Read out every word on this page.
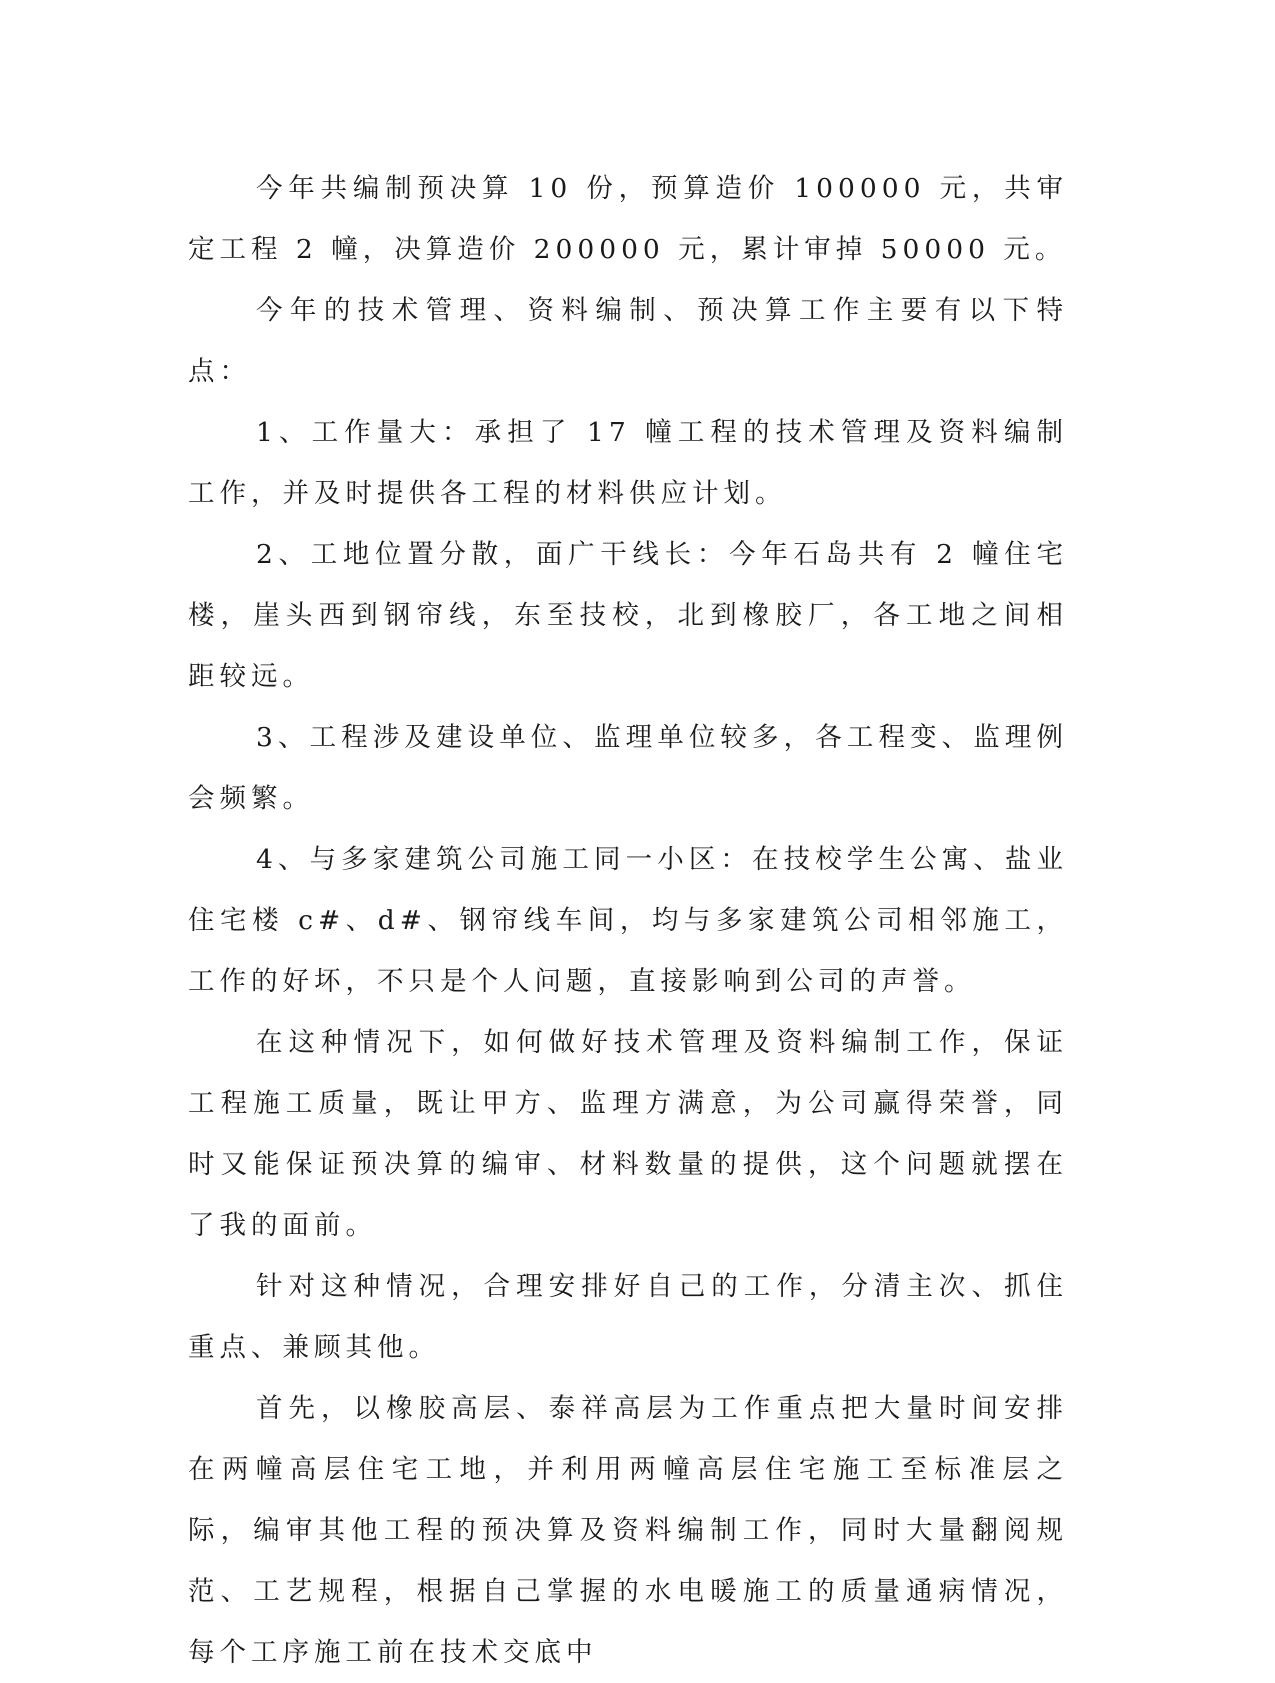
今年共编制预决算 10 份，预算造价 100000 元，共审定工程 2 幢，决算造价 200000 元，累计审掉 50000 元。

今年的技术管理、资料编制、预决算工作主要有以下特点：

1、工作量大：承担了 17 幢工程的技术管理及资料编制工作，并及时提供各工程的材料供应计划。

2、工地位置分散，面广干线长：今年石岛共有 2 幢住宅楼，崖头西到钢帘线，东至技校，北到橡胶厂，各工地之间相距较远。

3、工程涉及建设单位、监理单位较多，各工程变、监理例会频繁。

4、与多家建筑公司施工同一小区：在技校学生公寓、盐业住宅楼 c#、d#、钢帘线车间，均与多家建筑公司相邻施工，工作的好坏，不只是个人问题，直接影响到公司的声誉。

在这种情况下，如何做好技术管理及资料编制工作，保证工程施工质量，既让甲方、监理方满意，为公司赢得荣誉，同时又能保证预决算的编审、材料数量的提供，这个问题就摆在了我的面前。

针对这种情况，合理安排好自己的工作，分清主次、抓住重点、兼顾其他。

首先，以橡胶高层、泰祥高层为工作重点把大量时间安排在两幢高层住宅工地，并利用两幢高层住宅施工至标准层之际，编审其他工程的预决算及资料编制工作，同时大量翻阅规范、工艺规程，根据自己掌握的水电暖施工的质量通病情况，每个工序施工前在技术交底中
